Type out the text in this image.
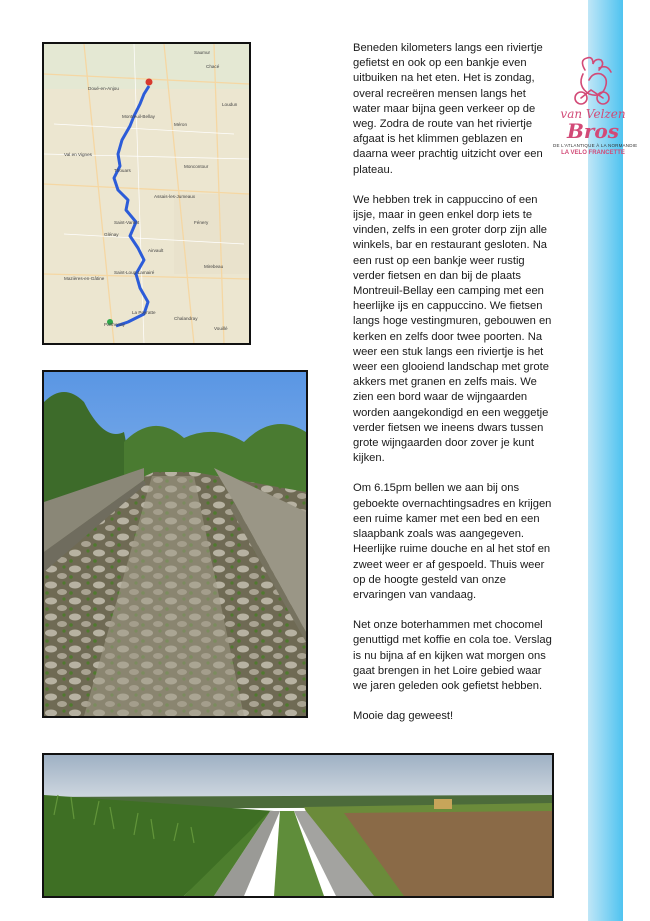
van Velzen
Bros
DE L'ATLANTIQUE À LA NORMANDIE
LA VELO FRANCETTE
Saumur
Chacé
Doué-en-Anjou
Montreuil-Bellay
Méron
Val en Vignes
Thouars
Saint-Varent
Glénay
Airvault
Saint-Loup-Lamairé
Parthenay
Fénery
La Peyratte
Mazières-en-Gâtine
Vouillé
Mirebeau
Loudun
Moncontour
Assais-les-Jumeaux
Chalandray

Beneden kilometers langs een riviertje gefietst en ook op een bankje even uitbuiken na het eten. Het is zondag, overal recreëren mensen langs het water maar bijna geen verkeer op de weg. Zodra de route van het riviertje afgaat is het klimmen geblazen en daarna weer prachtig uitzicht over een plateau.

We hebben trek in cappuccino of een ijsje, maar in geen enkel dorp iets te vinden, zelfs in een groter dorp zijn alle winkels, bar en restaurant gesloten. Na een rust op een bankje weer rustig verder fietsen en dan bij de plaats Montreuil-Bellay een camping met een heerlijke ijs en cappuccino. We fietsen langs hoge vestingmuren, gebouwen en kerken en zelfs door twee poorten. Na weer een stuk langs een riviertje is het weer een glooiend landschap met grote akkers met granen en zelfs mais. We zien een bord waar de wijngaarden worden aangekondigd en een weggetje verder fietsen we ineens dwars tussen grote wijngaarden door zover je kunt kijken.

Om 6.15pm bellen we aan bij ons geboekte overnachtingsadres en krijgen een ruime kamer met een bed en een slaapbank zoals was aangegeven. Heerlijke ruime douche en al het stof en zweet weer er af gespoeld. Thuis weer op de hoogte gesteld van onze ervaringen van vandaag.

Net onze boterhammen met chocomel genuttigd met koffie en cola toe. Verslag is nu bijna af en kijken wat morgen ons gaat brengen in het Loire gebied waar we jaren geleden ook gefietst hebben.

Mooie dag geweest!
